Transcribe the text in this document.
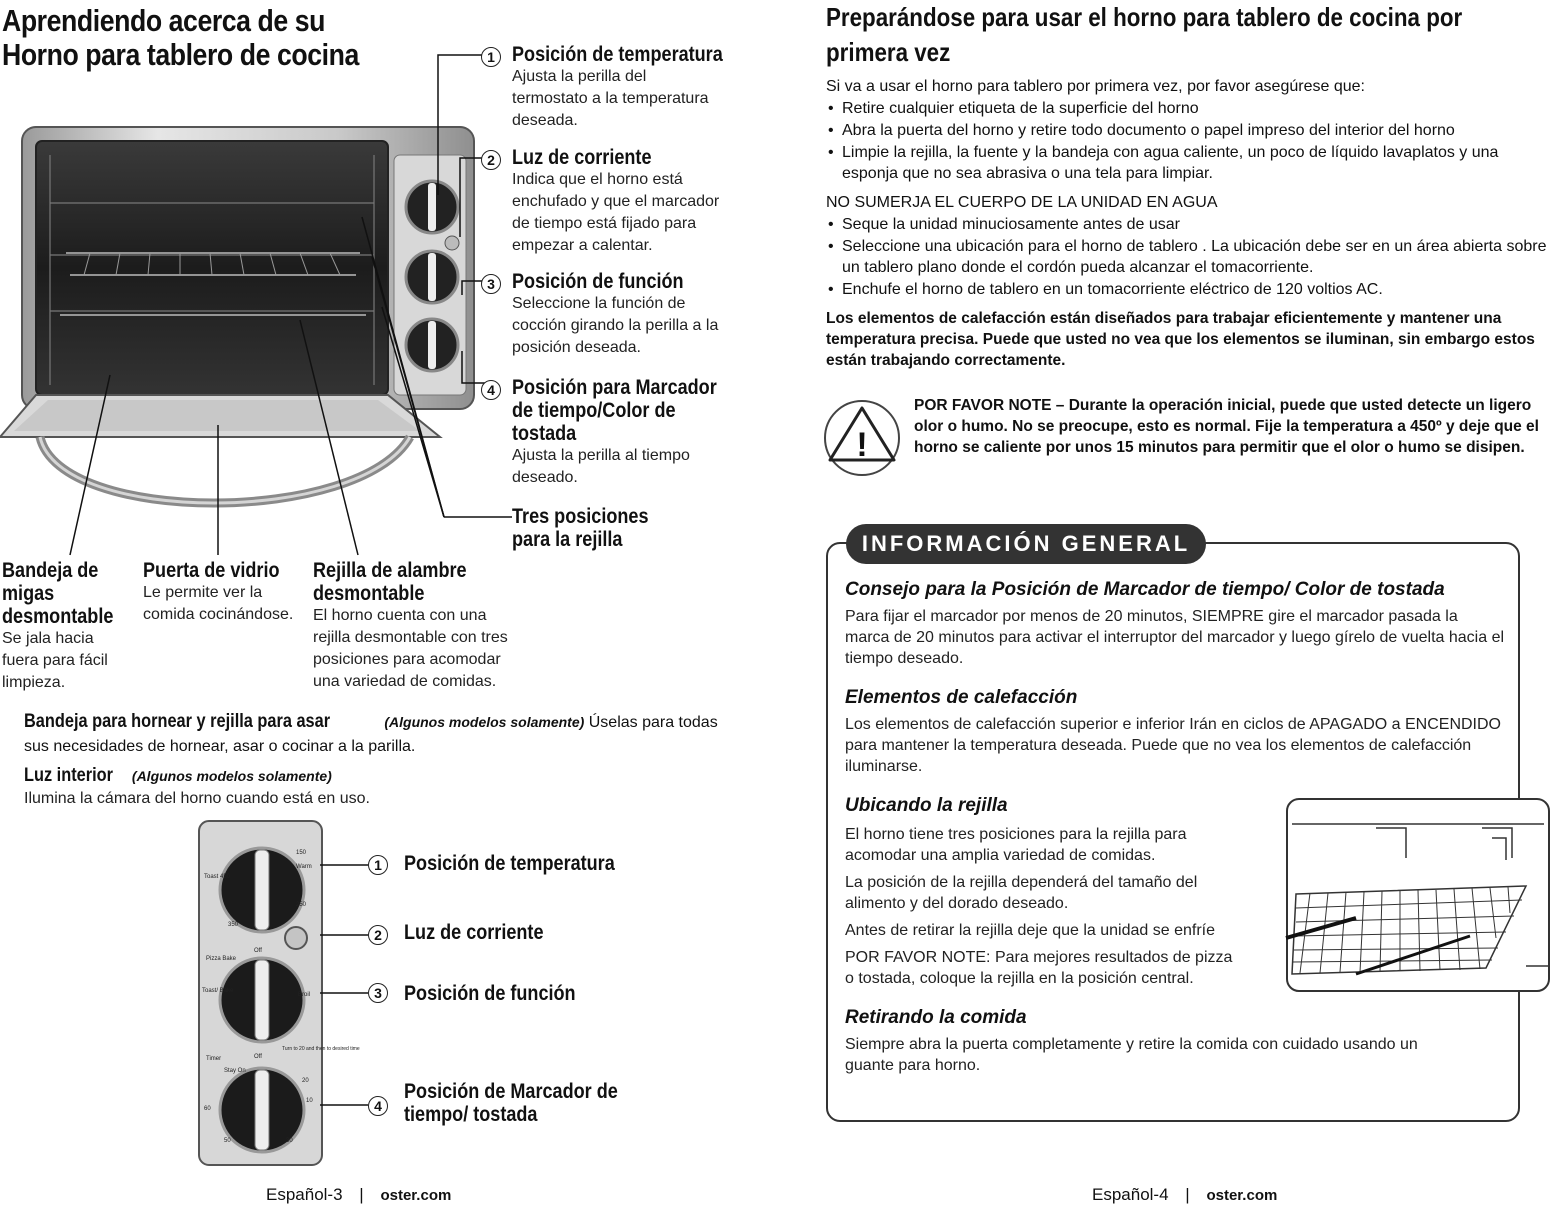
Aprendiendo acerca de su
Horno para tablero de cocina	1 Posición de temperatura
Ajusta la perilla del termostato a la temperatura deseada.
2 Luz de corriente
Indica que el horno está enchufado y que el marcador de tiempo está fijado para empezar a calentar.
3 Posición de función
Seleccione la función de cocción girando la perilla a la posición deseada.
4 Posición para Marcador de tiempo/Color de tostada
Ajusta la perilla al tiempo deseado.
Tres posiciones para la rejilla
Bandeja de migas desmontable
Se jala hacia fuera para fácil limpieza.
Puerta de vidrio
Le permite ver la comida cocinándose.
Rejilla de alambre desmontable
El horno cuenta con una rejilla desmontable con tres posiciones para acomodar una variedad de comidas.
Bandeja para hornear y rejilla para asar	(Algunos modelos solamente) Úselas para todas sus necesidades de hornear, asar o cocinar a la parilla.
Luz interior (Algunos modelos solamente)
Ilumina la cámara del horno cuando está en uso.
Toast 450
150
Warm
250
350
Off
Pizza Bake
Toast/ Bake
Broil
Timer
Stay On
Off
Turn to 20 and then to desired time
60
50	30
10
20
1 Posición de temperatura
2 Luz de corriente
3 Posición de función
4
Posición de Marcador de tiempo/ tostada
Español-3 | oster.com
Preparándose para usar el horno para tablero de cocina por primera vez
Si va a usar el horno para tablero por primera vez, por favor asegúrese que:
• Retire cualquier etiqueta de la superficie del horno
• Abra la puerta del horno y retire todo documento o papel impreso del interior del horno
• Limpie la rejilla, la fuente y la bandeja con agua caliente, un poco de líquido lavaplatos y una esponja que no sea abrasiva o una tela para limpiar.
NO SUMERJA EL CUERPO DE LA UNIDAD EN AGUA
• Seque la unidad minuciosamente antes de usar
• Seleccione una ubicación para el horno de tablero . La ubicación debe ser en un área abierta sobre un tablero plano donde el cordón pueda alcanzar el tomacorriente.
• Enchufe el horno de tablero en un tomacorriente eléctrico de 120 voltios AC.
Los elementos de calefacción están diseñados para trabajar eficientemente y mantener una temperatura precisa. Puede que usted no vea que los elementos se iluminan, sin embargo estos están trabajando correctamente.
!
POR FAVOR NOTE – Durante la operación inicial, puede que usted detecte un ligero olor o humo. No se preocupe, esto es normal. Fije la temperatura a 450º y deje que el horno se caliente por unos 15 minutos para permitir que el olor o humo se disipen.
INFORMACIÓN GENERAL
Consejo para la Posición de Marcador de tiempo/ Color de tostada
Para fijar el marcador por menos de 20 minutos, SIEMPRE gire el marcador pasada la marca de 20 minutos para activar el interruptor del marcador y luego gírelo de vuelta hacia el tiempo deseado.
Elementos de calefacción
Los elementos de calefacción superior e inferior Irán en ciclos de APAGADO a ENCENDIDO para mantener la temperatura deseada. Puede que no vea los elementos de calefacción iluminarse.
Ubicando la rejilla
El horno tiene tres posiciones para la rejilla para acomodar una amplia variedad de comidas.
La posición de la rejilla dependerá del tamaño del alimento y del dorado deseado.
Antes de retirar la rejilla deje que la unidad se enfríe
POR FAVOR NOTE: Para mejores resultados de pizza o tostada, coloque la rejilla en la posición central.
Retirando la comida
Siempre abra la puerta completamente y retire la comida con cuidado usando un guante para horno.
Español-4 | oster.com
